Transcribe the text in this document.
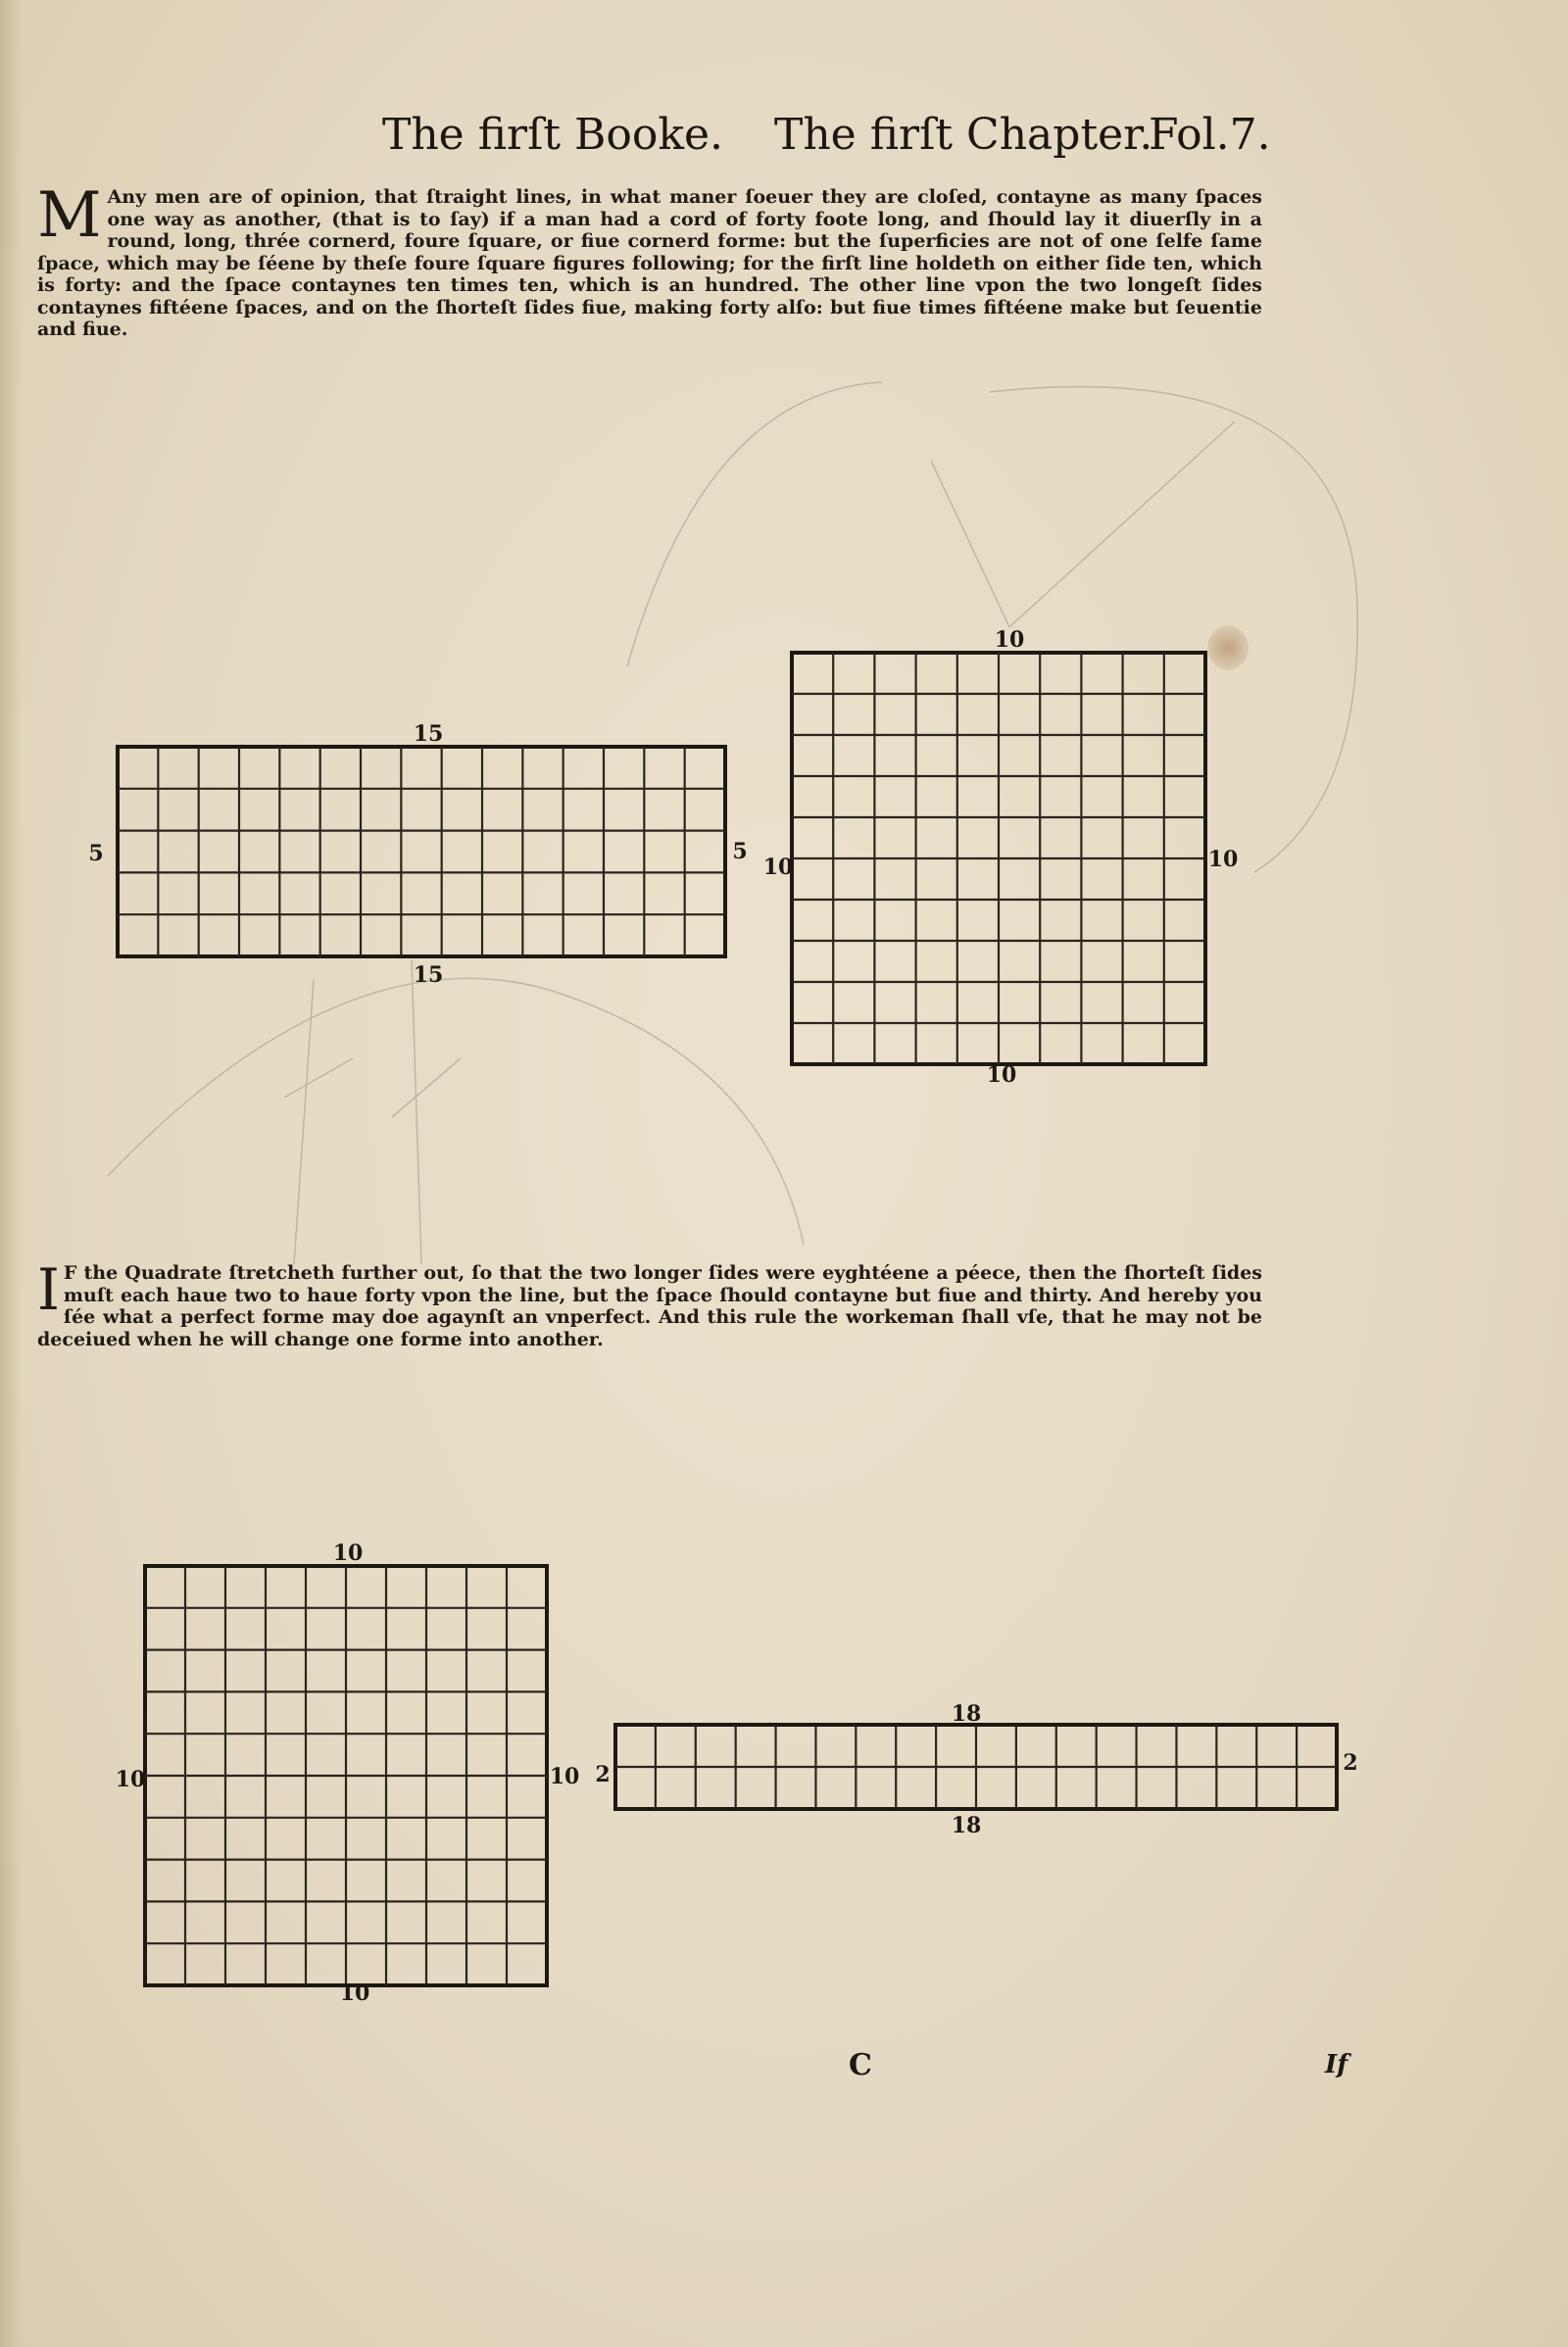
The firſt Booke. The firſt Chapter.
Fol.7.
M Any men are of opinion, that ſtraight lines, in what maner ſoeuer they are cloſed, contayne as many ſpaces one way as another, (that is to ſay) if a man had a cord of forty foote long, and ſhould lay it diuerſly in a round, long, thrée cornerd, foure ſquare, or fiue cornerd forme: but the ſuperficies are not of one ſelfe ſame ſpace, which may be ſéene by theſe foure ſquare figures following; for the firſt line holdeth on either ſide ten, which is forty: and the ſpace contaynes ten times ten, which is an hundred. The other line vpon the two longeſt ſides contaynes fiftéene ſpaces, and on the ſhorteſt ſides fiue, making forty alſo: but fiue times fiftéene make but ſeuentie and fiue.
I F the Quadrate ſtretcheth further out, ſo that the two longer ſides were eyghtéene a péece, then the ſhorteſt ſides muſt each haue two to haue forty vpon the line, but the ſpace ſhould contayne but fiue and thirty. And hereby you ſée what a perfect forme may doe agaynſt an vnperfect. And this rule the workeman ſhall vſe, that he may not be deceiued when he will change one forme into another.
15
15
5	5
10
10
10	10
10
10
10	10
18
18
2	2
C	If
